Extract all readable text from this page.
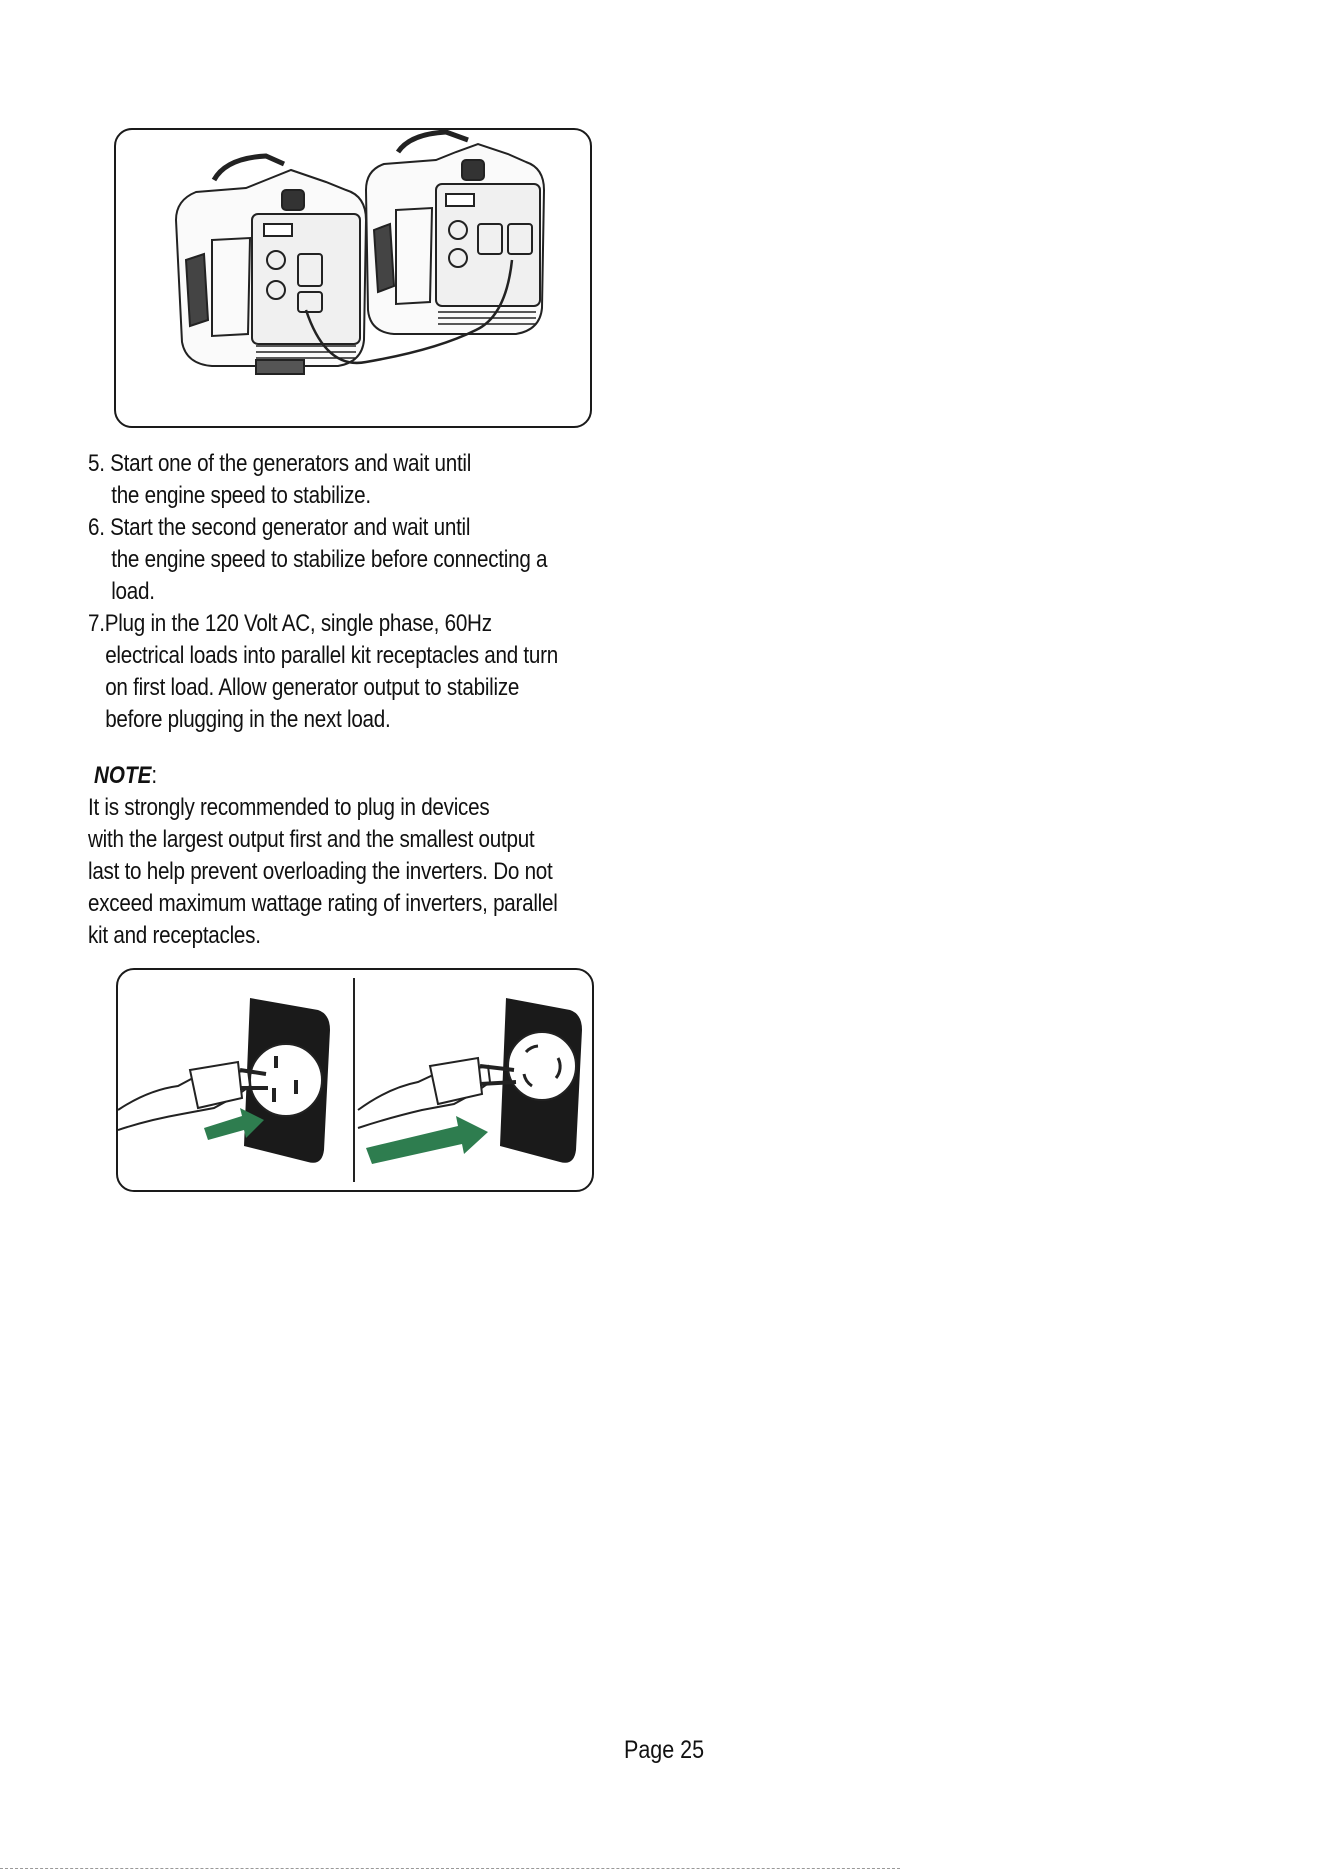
5. Start one of the generators and wait until
the engine speed to stabilize.
6. Start the second generator and wait until
the engine speed to stabilize before connecting a
load.
7.Plug in the 120 Volt AC, single phase, 60Hz
electrical loads into parallel kit receptacles and turn
on first load. Allow generator output to stabilize
before plugging in the next load.
NOTE:
It is strongly recommended to plug in devices
with the largest output first and the smallest output
last to help prevent overloading the inverters. Do not
exceed maximum wattage rating of inverters, parallel
kit and receptacles.
Page 25
